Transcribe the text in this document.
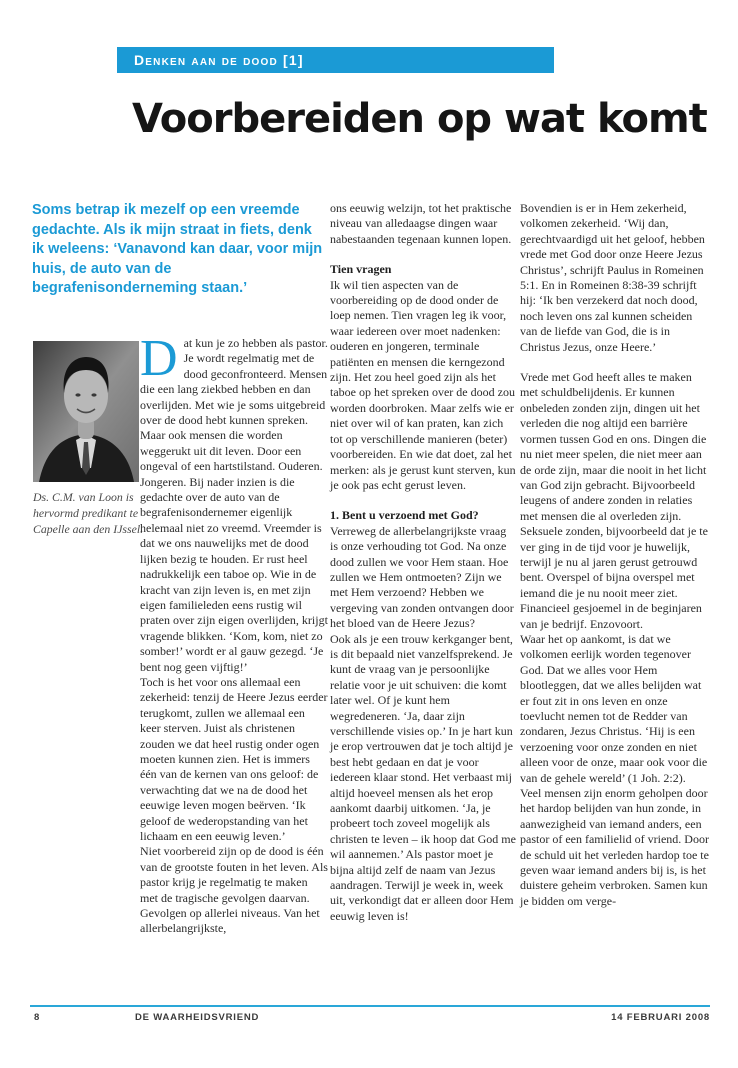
Denken aan de dood [1]
Voorbereiden op wat komt
Soms betrap ik mezelf op een vreemde gedachte. Als ik mijn straat in fiets, denk ik weleens: ‘Vanavond kan daar, voor mijn huis, de auto van de begrafenisonderneming staan.’
Ds. C.M. van Loon is hervormd predikant te Capelle aan den IJssel.

Dat kun je zo hebben als pastor. Je wordt regelmatig met de dood geconfronteerd. Mensen die een lang ziekbed hebben en dan overlijden. Met wie je soms uitgebreid over de dood hebt kunnen spreken. Maar ook mensen die worden weggerukt uit dit leven. Door een ongeval of een hartstilstand. Ouderen. Jongeren. Bij nader inzien is die gedachte over de auto van de begrafenisondernemer eigenlijk helemaal niet zo vreemd. Vreemder is dat we ons nauwelijks met de dood lijken bezig te houden. Er rust heel nadrukkelijk een taboe op. Wie in de kracht van zijn leven is, en met zijn eigen familieleden eens rustig wil praten over zijn eigen overlijden, krijgt vragende blikken. ‘Kom, kom, niet zo somber!’ wordt er al gauw gezegd. ‘Je bent nog geen vijftig!’

Toch is het voor ons allemaal een zekerheid: tenzij de Heere Jezus eerder terugkomt, zullen we allemaal een keer sterven. Juist als christenen zouden we dat heel rustig onder ogen moeten kunnen zien. Het is immers één van de kernen van ons geloof: de verwachting dat we na de dood het eeuwige leven mogen beërven. ‘Ik geloof de wederopstanding van het lichaam en een eeuwig leven.’

Niet voorbereid zijn op de dood is één van de grootste fouten in het leven. Als pastor krijg je regelmatig te maken met de tragische gevolgen daarvan. Gevolgen op allerlei niveaus. Van het allerbelangrijkste,

ons eeuwig welzijn, tot het praktische niveau van alledaagse dingen waar nabestaanden tegenaan kunnen lopen.

Tien vragen

Ik wil tien aspecten van de voorbereiding op de dood onder de loep nemen. Tien vragen leg ik voor, waar iedereen over moet nadenken: ouderen en jongeren, terminale patiënten en mensen die kerngezond zijn. Het zou heel goed zijn als het taboe op het spreken over de dood zou worden doorbroken. Maar zelfs wie er niet over wil of kan praten, kan zich tot op verschillende manieren (beter) voorbereiden. En wie dat doet, zal het merken: als je gerust kunt sterven, kun je ook pas echt gerust leven.

1. Bent u verzoend met God?

Verreweg de allerbelangrijkste vraag is onze verhouding tot God. Na onze dood zullen we voor Hem staan. Hoe zullen we Hem ontmoeten? Zijn we met Hem verzoend? Hebben we vergeving van zonden ontvangen door het bloed van de Heere Jezus?

Ook als je een trouw kerkganger bent, is dit bepaald niet vanzelfsprekend. Je kunt de vraag van je persoonlijke relatie voor je uit schuiven: die komt later wel. Of je kunt hem wegredeneren. ‘Ja, daar zijn verschillende visies op.’ In je hart kun je erop vertrouwen dat je toch altijd je best hebt gedaan en dat je voor iedereen klaar stond. Het verbaast mij altijd hoeveel mensen als het erop aankomt daarbij uitkomen. ‘Ja, je probeert toch zoveel mogelijk als christen te leven – ik hoop dat God me wil aannemen.’ Als pastor moet je bijna altijd zelf de naam van Jezus aandragen. Terwijl je week in, week uit, verkondigt dat er alleen door Hem eeuwig leven is!

Bovendien is er in Hem zekerheid, volkomen zekerheid. ‘Wij dan, gerechtvaardigd uit het geloof, hebben vrede met God door onze Heere Jezus Christus’, schrijft Paulus in Romeinen 5:1. En in Romeinen 8:38-39 schrijft hij: ‘Ik ben verzekerd dat noch dood, noch leven ons zal kunnen scheiden van de liefde van God, die is in Christus Jezus, onze Heere.’

Vrede met God heeft alles te maken met schuldbelijdenis. Er kunnen onbeleden zonden zijn, dingen uit het verleden die nog altijd een barrière vormen tussen God en ons. Dingen die nu niet meer spelen, die niet meer aan de orde zijn, maar die nooit in het licht van God zijn gebracht. Bijvoorbeeld leugens of andere zonden in relaties met mensen die al overleden zijn. Seksuele zonden, bijvoorbeeld dat je te ver ging in de tijd voor je huwelijk, terwijl je nu al jaren gerust getrouwd bent. Overspel of bijna overspel met iemand die je nu nooit meer ziet. Financieel gesjoemel in de beginjaren van je bedrijf. Enzovoort.

Waar het op aankomt, is dat we volkomen eerlijk worden tegenover God. Dat we alles voor Hem blootleggen, dat we alles belijden wat er fout zit in ons leven en onze toevlucht nemen tot de Redder van zondaren, Jezus Christus. ‘Hij is een verzoening voor onze zonden en niet alleen voor de onze, maar ook voor die van de gehele wereld’ (1 Joh. 2:2).

Veel mensen zijn enorm geholpen door het hardop belijden van hun zonde, in aanwezigheid van iemand anders, een pastor of een familielid of vriend. Door de schuld uit het verleden hardop toe te geven waar iemand anders bij is, is het duistere geheim verbroken. Samen kun je bidden om verge-

8	DE WAARHEIDSVRIEND	14 FEBRUARI 2008
